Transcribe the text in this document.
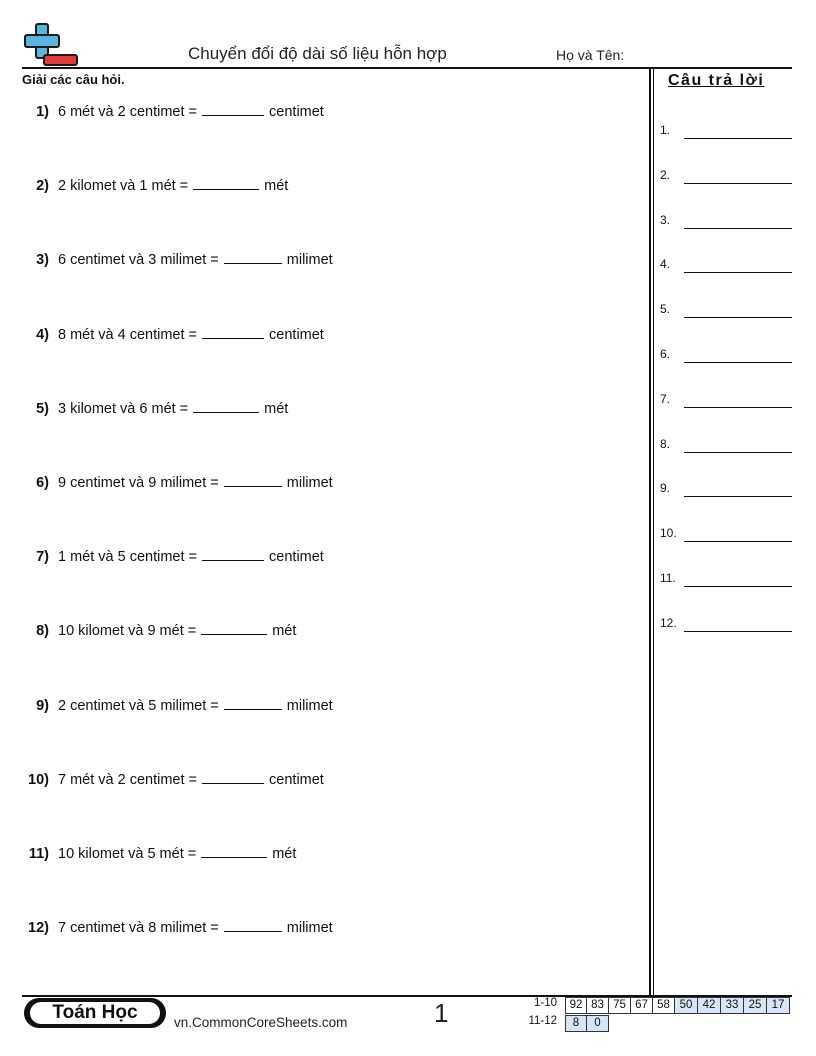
Chuyển đổi độ dài số liệu hỗn hợp	Họ và Tên:
Giải các câu hỏi.
1) 6 mét và 2 centimet =	centimet
2) 2 kilomet và 1 mét =	mét
3) 6 centimet và 3 milimet =	milimet
4) 8 mét và 4 centimet =	centimet
5) 3 kilomet và 6 mét =	mét
6) 9 centimet và 9 milimet =	milimet
7) 1 mét và 5 centimet =	centimet
8) 10 kilomet và 9 mét =	mét
9) 2 centimet và 5 milimet =	milimet
10) 7 mét và 2 centimet =	centimet
11) 10 kilomet và 5 mét =	mét
12) 7 centimet và 8 milimet =	milimet
Câu trả lời
1.
2.
3.
4.
5.
6.
7.
8.
9.
10.
11.
12.
Toán Học	vn.CommonCoreSheets.com	1	1-10	92 83 75 67 58 50 42 33 25 17
11-12	8	0
